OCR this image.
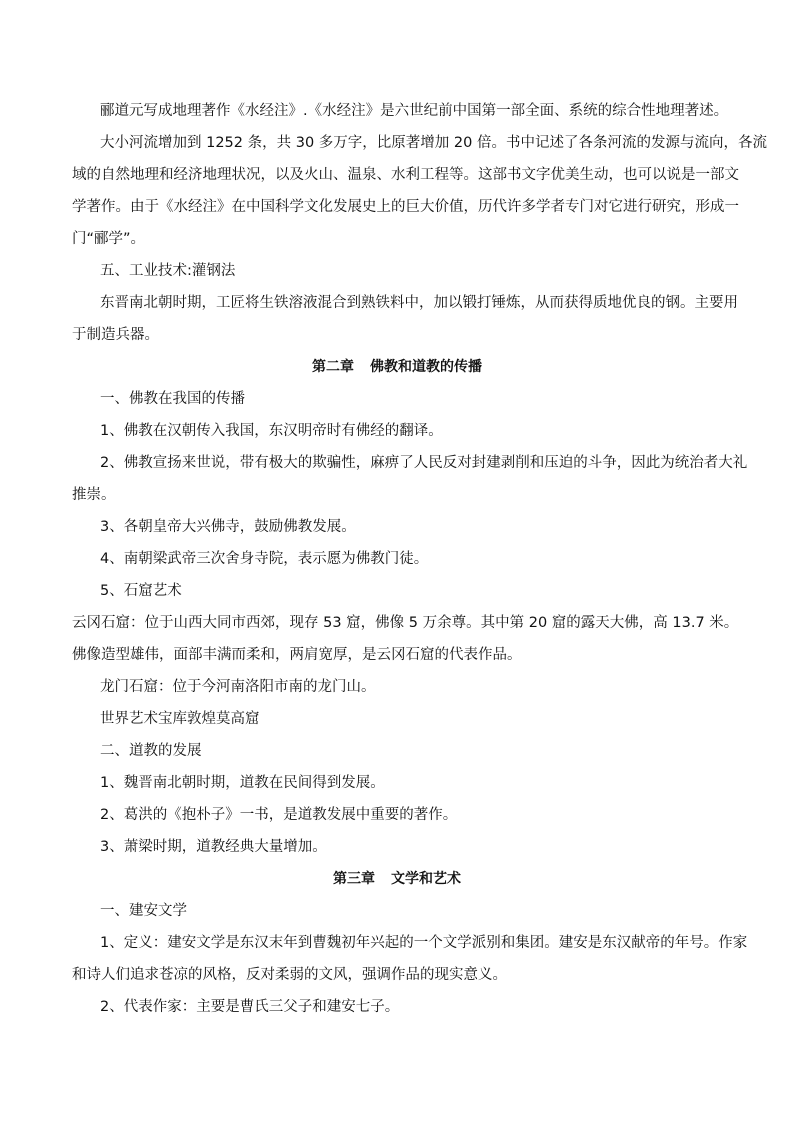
郦道元写成地理著作《水经注》.《水经注》是六世纪前中国第一部全面、系统的综合性地理著述。
大小河流增加到 1252 条，共 30 多万字，比原著增加 20 倍。书中记述了各条河流的发源与流向，各流
域的自然地理和经济地理状况，以及火山、温泉、水利工程等。这部书文字优美生动，也可以说是一部文
学著作。由于《水经注》在中国科学文化发展史上的巨大价值，历代许多学者专门对它进行研究，形成一
门“郦学”。
五、工业技术:灌钢法
东晋南北朝时期，工匠将生铁溶液混合到熟铁料中，加以锻打锤炼，从而获得质地优良的钢。主要用
于制造兵器。
第二章 佛教和道教的传播
一、佛教在我国的传播
1、佛教在汉朝传入我国，东汉明帝时有佛经的翻译。
2、佛教宣扬来世说，带有极大的欺骗性，麻痹了人民反对封建剥削和压迫的斗争，因此为统治者大礼
推崇。
3、各朝皇帝大兴佛寺，鼓励佛教发展。
4、南朝梁武帝三次舍身寺院，表示愿为佛教门徒。
5、石窟艺术
云冈石窟：位于山西大同市西郊，现存 53 窟，佛像 5 万余尊。其中第 20 窟的露天大佛，高 13.7 米。
佛像造型雄伟，面部丰满而柔和，两肩宽厚，是云冈石窟的代表作品。
龙门石窟：位于今河南洛阳市南的龙门山。
世界艺术宝库敦煌莫高窟
二、道教的发展
1、魏晋南北朝时期，道教在民间得到发展。
2、葛洪的《抱朴子》一书，是道教发展中重要的著作。
3、萧梁时期，道教经典大量增加。
第三章 文学和艺术
一、建安文学
1、定义：建安文学是东汉末年到曹魏初年兴起的一个文学派别和集团。建安是东汉献帝的年号。作家
和诗人们追求苍凉的风格，反对柔弱的文风，强调作品的现实意义。
2、代表作家：主要是曹氏三父子和建安七子。
